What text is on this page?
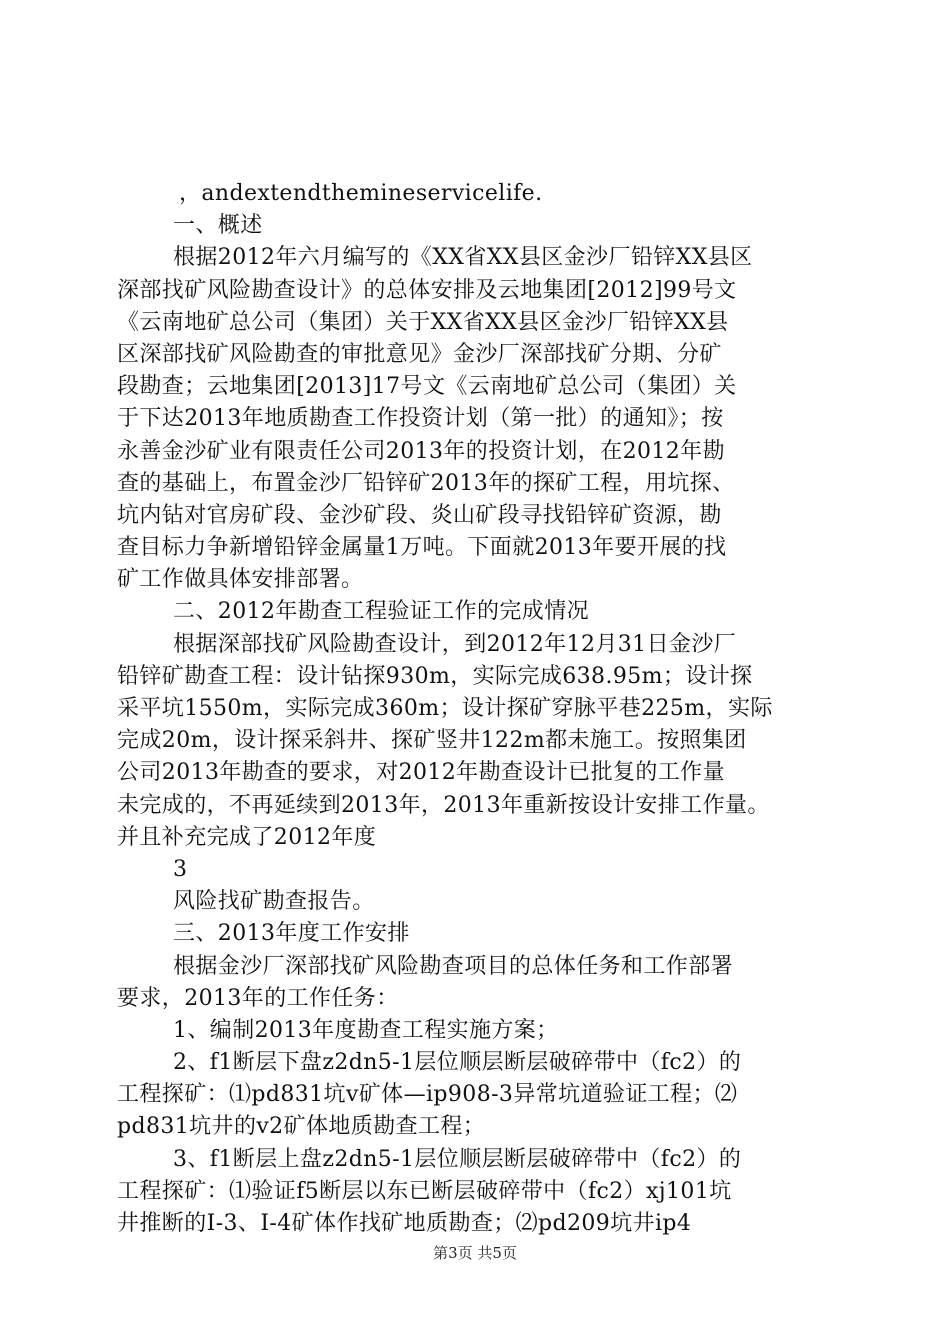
，andextendthemineservicelife.
一、概述
根据2012年六月编写的《XX省XX县区金沙厂铅锌XX县区
深部找矿风险勘查设计》的总体安排及云地集团[2012]99号文
《云南地矿总公司（集团）关于XX省XX县区金沙厂铅锌XX县
区深部找矿风险勘查的审批意见》金沙厂深部找矿分期、分矿
段勘查；云地集团[2013]17号文《云南地矿总公司（集团）关
于下达2013年地质勘查工作投资计划（第一批）的通知》；按
永善金沙矿业有限责任公司2013年的投资计划，在2012年勘
查的基础上，布置金沙厂铅锌矿2013年的探矿工程，用坑探、
坑内钻对官房矿段、金沙矿段、炎山矿段寻找铅锌矿资源，勘
查目标力争新增铅锌金属量1万吨。下面就2013年要开展的找
矿工作做具体安排部署。
二、2012年勘查工程验证工作的完成情况
根据深部找矿风险勘查设计，到2012年12月31日金沙厂
铅锌矿勘查工程：设计钻探930m，实际完成638.95m；设计探
采平坑1550m，实际完成360m；设计探矿穿脉平巷225m，实际
完成20m，设计探采斜井、探矿竖井122m都未施工。按照集团
公司2013年勘查的要求，对2012年勘查设计已批复的工作量
未完成的，不再延续到2013年，2013年重新按设计安排工作量。
并且补充完成了2012年度
3
风险找矿勘查报告。
三、2013年度工作安排
根据金沙厂深部找矿风险勘查项目的总体任务和工作部署
要求，2013年的工作任务：
1、编制2013年度勘查工程实施方案；
2、f1断层下盘z2dn5-1层位顺层断层破碎带中（fc2）的
工程探矿：⑴pd831坑v矿体—ip908-3异常坑道验证工程；⑵
pd831坑井的v2矿体地质勘查工程；
3、f1断层上盘z2dn5-1层位顺层断层破碎带中（fc2）的
工程探矿：⑴验证f5断层以东已断层破碎带中（fc2）xj101坑
井推断的Ⅰ-3、Ⅰ-4矿体作找矿地质勘查；⑵pd209坑井ip4
第3页 共5页
